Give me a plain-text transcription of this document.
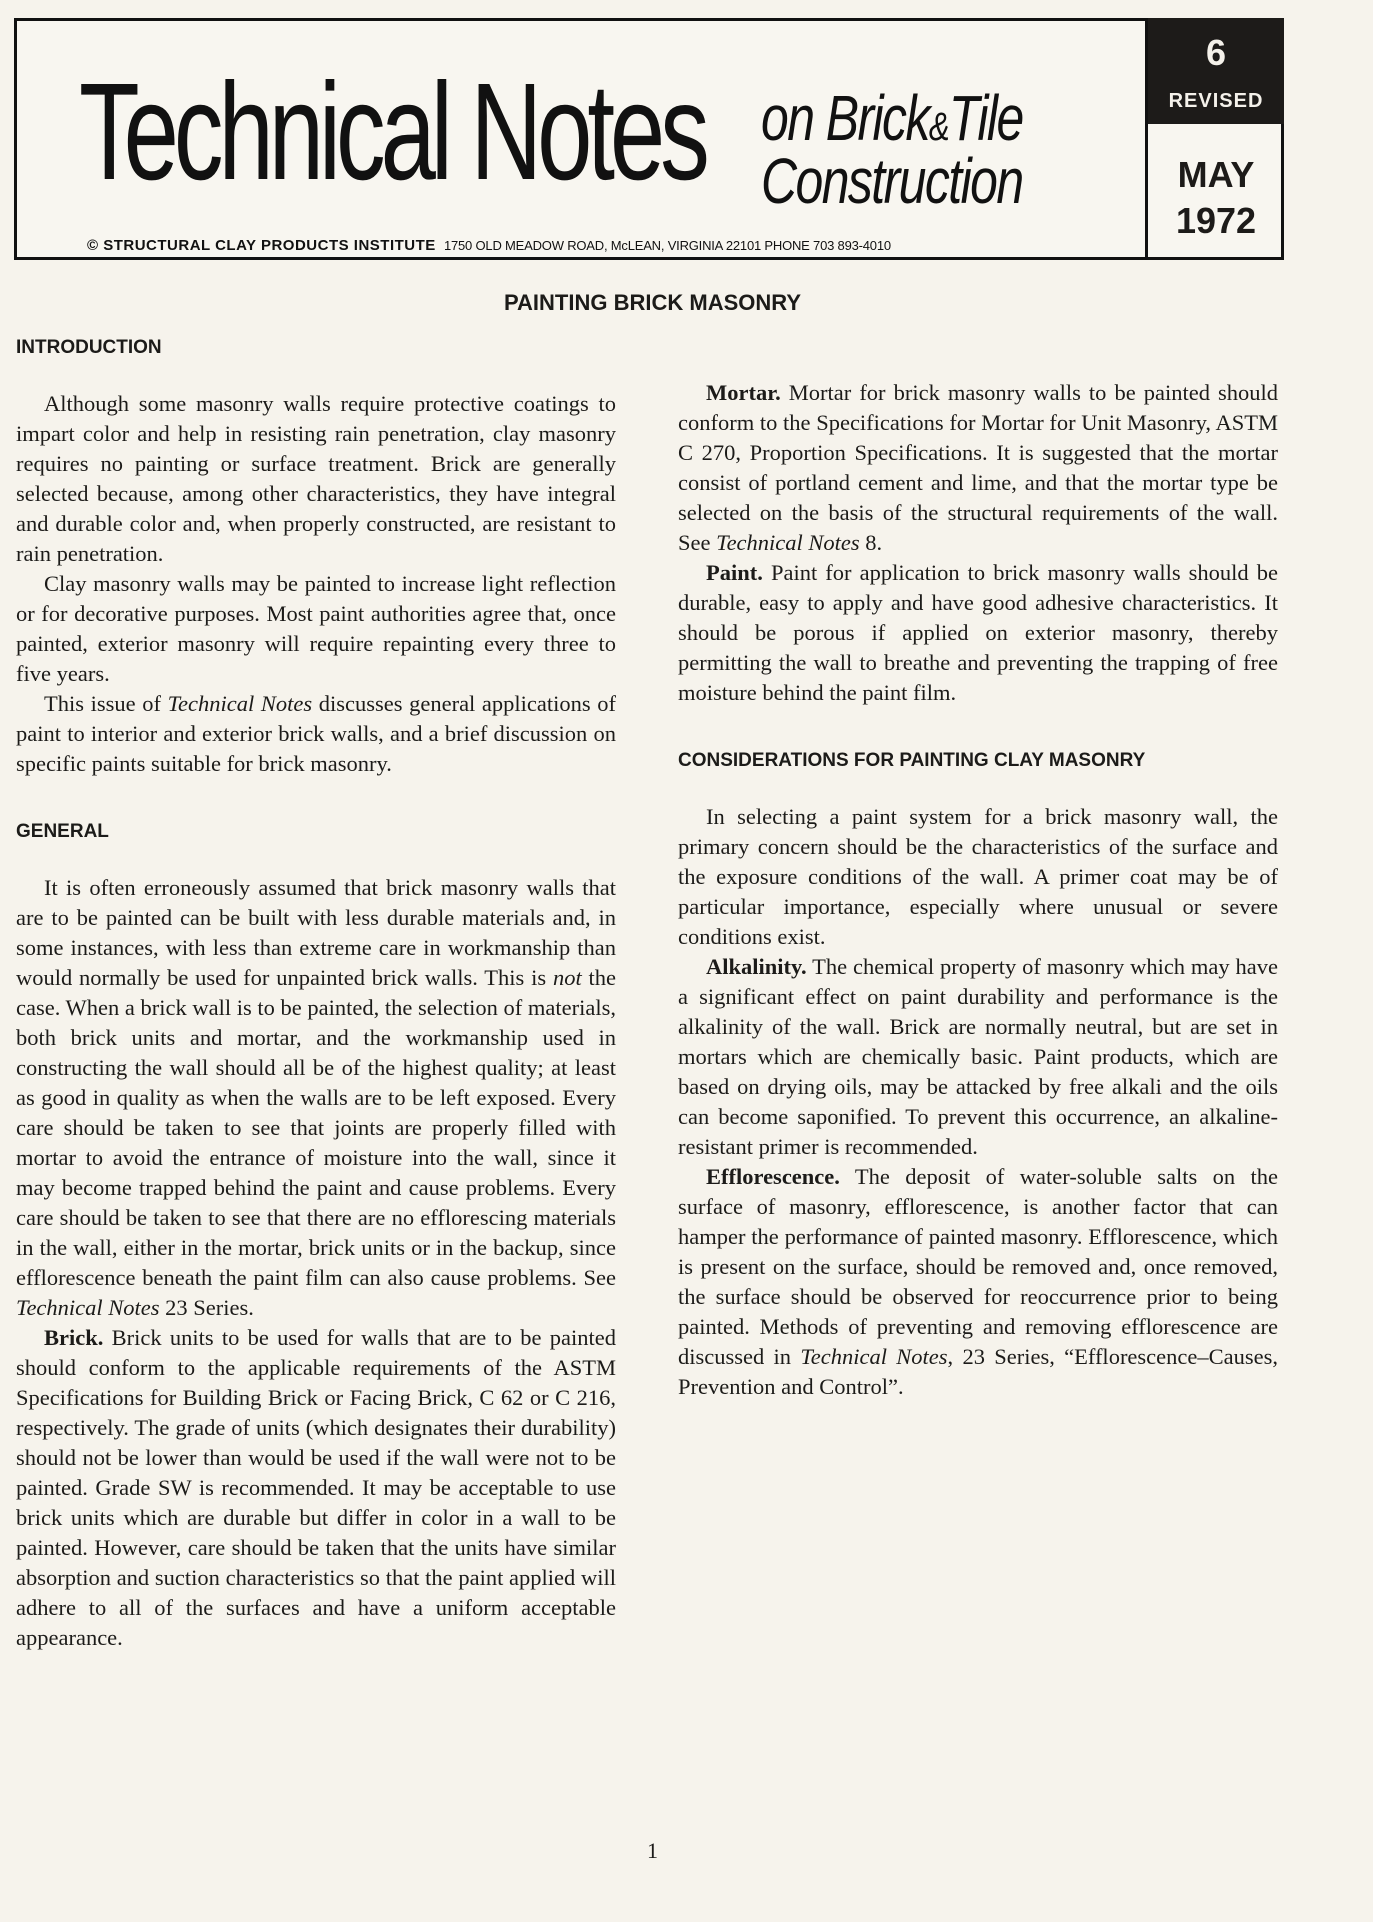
Technical Notes on Brick&Tile
Construction
© STRUCTURAL CLAY PRODUCTS INSTITUTE 1750 OLD MEADOW ROAD, McLEAN, VIRGINIA 22101 PHONE 703 893-4010
6
REVISED
MAY
1972
PAINTING BRICK MASONRY
INTRODUCTION

Although some masonry walls require protective coatings to impart color and help in resisting rain penetration, clay masonry requires no painting or surface treatment. Brick are generally selected because, among other characteristics, they have integral and durable color and, when properly constructed, are resistant to rain penetration.

Clay masonry walls may be painted to increase light reflection or for decorative purposes. Most paint authorities agree that, once painted, exterior masonry will require repainting every three to five years.

This issue of Technical Notes discusses general applications of paint to interior and exterior brick walls, and a brief discussion on specific paints suitable for brick masonry.

GENERAL

It is often erroneously assumed that brick masonry walls that are to be painted can be built with less durable materials and, in some instances, with less than extreme care in workmanship than would normally be used for unpainted brick walls. This is not the case. When a brick wall is to be painted, the selection of materials, both brick units and mortar, and the workmanship used in constructing the wall should all be of the highest quality; at least as good in quality as when the walls are to be left exposed. Every care should be taken to see that joints are properly filled with mortar to avoid the entrance of moisture into the wall, since it may become trapped behind the paint and cause problems. Every care should be taken to see that there are no efflorescing materials in the wall, either in the mortar, brick units or in the backup, since efflorescence beneath the paint film can also cause problems. See Technical Notes 23 Series.

Brick. Brick units to be used for walls that are to be painted should conform to the applicable requirements of the ASTM Specifications for Building Brick or Facing Brick, C 62 or C 216, respectively. The grade of units (which designates their durability) should not be lower than would be used if the wall were not to be painted. Grade SW is recommended. It may be acceptable to use brick units which are durable but differ in color in a wall to be painted. However, care should be taken that the units have similar absorption and suction characteristics so that the paint applied will adhere to all of the surfaces and have a uniform acceptable appearance.

Mortar. Mortar for brick masonry walls to be painted should conform to the Specifications for Mortar for Unit Masonry, ASTM C 270, Proportion Specifications. It is suggested that the mortar consist of portland cement and lime, and that the mortar type be selected on the basis of the structural requirements of the wall. See Technical Notes 8.

Paint. Paint for application to brick masonry walls should be durable, easy to apply and have good adhesive characteristics. It should be porous if applied on exterior masonry, thereby permitting the wall to breathe and preventing the trapping of free moisture behind the paint film.

CONSIDERATIONS FOR PAINTING CLAY MASONRY

In selecting a paint system for a brick masonry wall, the primary concern should be the characteristics of the surface and the exposure conditions of the wall. A primer coat may be of particular importance, especially where unusual or severe conditions exist.

Alkalinity. The chemical property of masonry which may have a significant effect on paint durability and performance is the alkalinity of the wall. Brick are normally neutral, but are set in mortars which are chemically basic. Paint products, which are based on drying oils, may be attacked by free alkali and the oils can become saponified. To prevent this occurrence, an alkaline-resistant primer is recommended.

Efflorescence. The deposit of water-soluble salts on the surface of masonry, efflorescence, is another factor that can hamper the performance of painted masonry. Efflorescence, which is present on the surface, should be removed and, once removed, the surface should be observed for reoccurrence prior to being painted. Methods of preventing and removing efflorescence are discussed in Technical Notes, 23 Series, “Efflorescence–Causes, Prevention and Control”.

1
